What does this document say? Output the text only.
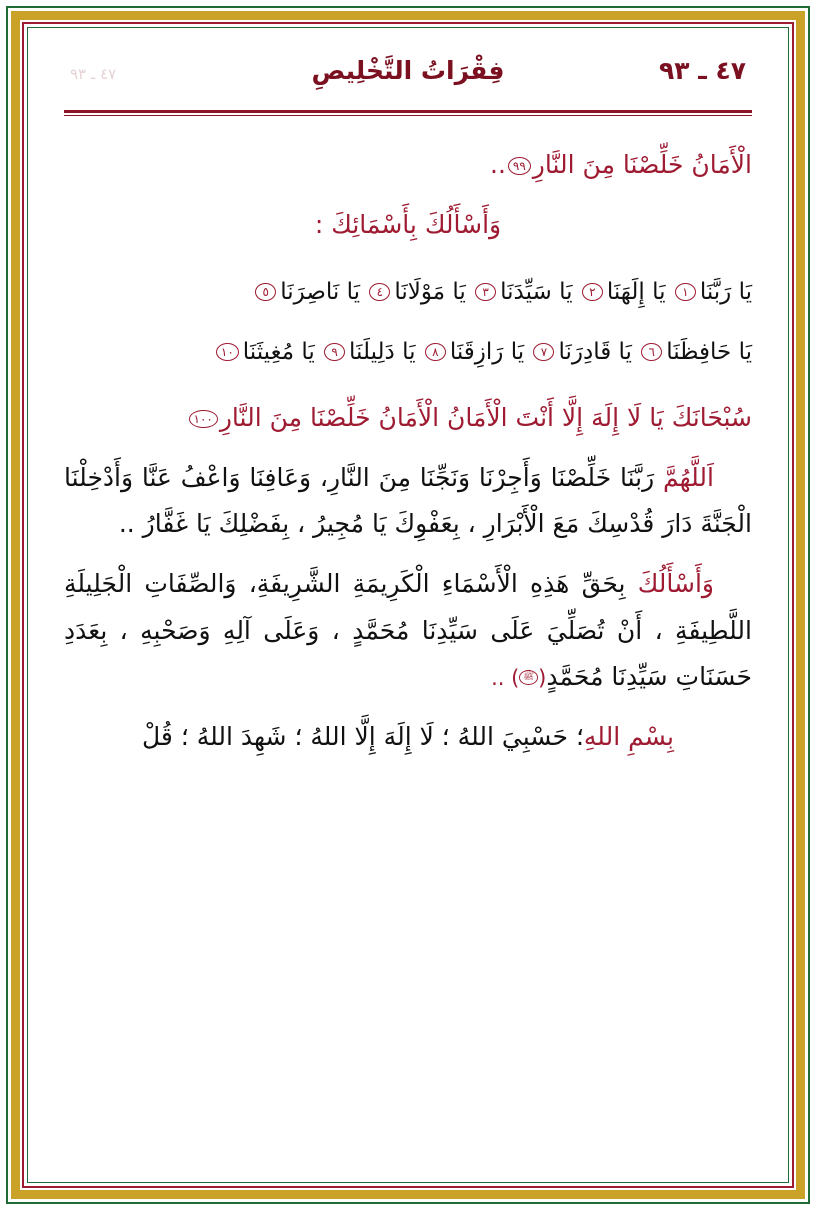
٤٧ ـ ٩٣
فِقْرَاتُ التَّخْلِيصِ
٤٧ ـ ٩٣

الْأَمَانُ خَلِّصْنَا مِنَ النَّارِ٩٩..

وَأَسْأَلُكَ بِأَسْمَائِكَ :

يَا رَبَّنَا١ يَا إِلَهَنَا٢ يَا سَيِّدَنَا٣ يَا مَوْلَانَا٤ يَا نَاصِرَنَا٥

يَا حَافِظَنَا٦ يَا قَادِرَنَا٧ يَا رَازِقَنَا٨ يَا دَلِيلَنَا٩ يَا مُغِيثَنَا١٠

سُبْحَانَكَ يَا لَا إِلَهَ إِلَّا أَنْتَ الْأَمَانُ الْأَمَانُ خَلِّصْنَا مِنَ النَّارِ١٠٠

اَللَّهُمَّ رَبَّنَا خَلِّصْنَا وَأَجِرْنَا وَنَجِّنَا مِنَ النَّارِ، وَعَافِنَا وَاعْفُ عَنَّا وَأَدْخِلْنَا الْجَنَّةَ دَارَ قُدْسِكَ مَعَ الْأَبْرَارِ ، بِعَفْوِكَ يَا مُجِيرُ ، بِفَضْلِكَ يَا غَفَّارُ ..

وَأَسْأَلُكَ بِحَقِّ هَذِهِ الْأَسْمَاءِ الْكَرِيمَةِ الشَّرِيفَةِ، وَالصِّفَاتِ الْجَلِيلَةِ اللَّطِيفَةِ ، أَنْ تُصَلِّيَ عَلَى سَيِّدِنَا مُحَمَّدٍ ، وَعَلَى آلِهِ وَصَحْبِهِ ، بِعَدَدِ حَسَنَاتِ سَيِّدِنَا مُحَمَّدٍ(ﷺ) ..

بِسْمِ اللهِ؛ حَسْبِيَ اللهُ ؛ لَا إِلَهَ إِلَّا اللهُ ؛ شَهِدَ اللهُ ؛ قُلْ
